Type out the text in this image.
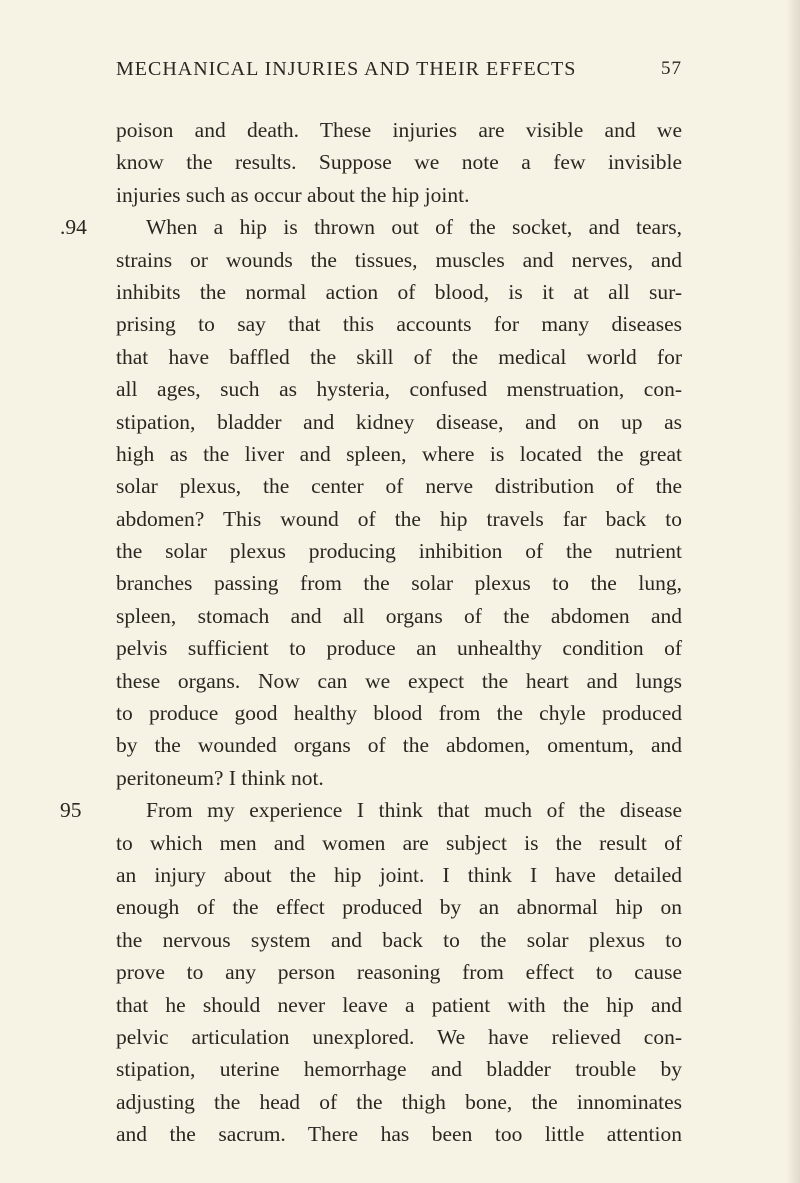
MECHANICAL INJURIES AND THEIR EFFECTS	57
poison and death. These injuries are visible and we
know the results. Suppose we note a few invisible
injuries such as occur about the hip joint.
.94	When a hip is thrown out of the socket, and tears,
strains or wounds the tissues, muscles and nerves, and
inhibits the normal action of blood, is it at all sur-
prising to say that this accounts for many diseases
that have baffled the skill of the medical world for
all ages, such as hysteria, confused menstruation, con-
stipation, bladder and kidney disease, and on up as
high as the liver and spleen, where is located the great
solar plexus, the center of nerve distribution of the
abdomen? This wound of the hip travels far back to
the solar plexus producing inhibition of the nutrient
branches passing from the solar plexus to the lung,
spleen, stomach and all organs of the abdomen and
pelvis sufficient to produce an unhealthy condition of
these organs. Now can we expect the heart and lungs
to produce good healthy blood from the chyle produced
by the wounded organs of the abdomen, omentum, and
peritoneum? I think not.
95	From my experience I think that much of the disease
to which men and women are subject is the result of
an injury about the hip joint. I think I have detailed
enough of the effect produced by an abnormal hip on
the nervous system and back to the solar plexus to
prove to any person reasoning from effect to cause
that he should never leave a patient with the hip and
pelvic articulation unexplored. We have relieved con-
stipation, uterine hemorrhage and bladder trouble by
adjusting the head of the thigh bone, the innominates
and the sacrum. There has been too little attention
